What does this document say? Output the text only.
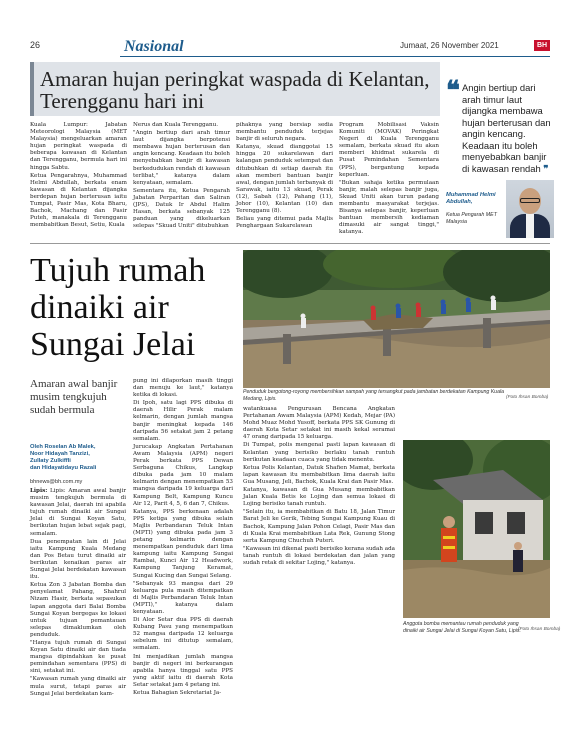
26	Nasional	Jumaat, 26 November 2021	BH
Amaran hujan peringkat waspada di Kelantan, Terengganu hari ini

Kuala Lumpur: Jabatan Meteorologi Malaysia (MET Malaysia) mengeluarkan amaran hujan peringkat waspada di beberapa kawasan di Kelantan dan Terengganu, bermula hari ini hingga Sabtu.

Ketua Pengarahnya, Muhammad Helmi Abdullah, berkata enam kawasan di Kelantan dijangka berdepan hujan berterusan iaitu Tumpat, Pasir Mas, Kota Bharu, Bachok, Machang dan Pasir Puteh, manakala di Terengganu membabitkan Besut, Setiu, Kuala

Nerus dan Kuala Terengganu.

"Angin bertiup dari arah timur laut dijangka berpotensi membawa hujan berterusan dan angin kencang. Keadaan itu boleh menyebabkan banjir di kawasan berkedudukan rendah di kawasan terlibat," katanya dalam kenyataan, semalam.

Sementara itu, Ketua Pengarah Jabatan Perparitan dan Saliran (JPS), Datuk Ir Abdul Halim Hasan, berkata sebanyak 125 panduan yang dikeluarkan selepas "Skuad Uniti" ditubuhkan

pihaknya yang bersiap sedia membantu penduduk terjejas banjir di seluruh negara.

Katanya, skuad dianggotai 15 hingga 20 sukarelawan dari kalangan penduduk setempat dan ditubuhkan di setiap daerah itu akan memberi bantuan banjir awal, dengan jumlah terbanyak di Sarawak, iaitu 13 skuad, Perak (12), Sabah (12), Pahang (11), Johor (10), Kelantan (10) dan Terengganu (8).

Beliau yang ditemui pada Majlis Penghargaan Sukarelawan

Program Mobilisasi Vaksin Komuniti (MOVAK) Peringkat Negeri di Kuala Terengganu semalam, berkata skuad itu akan memberi khidmat sukarela di Pusat Pemindahan Sementara (PPS), bergantung kepada keperluan.

"Bukan sahaja ketika permulaan banjir, malah selepas banjir juga, Skuad Uniti akan turun padang membantu masyarakat terjejas. Bisanya selepas banjir, keperluan bantuan membersih kediaman dimasuki air sangat tinggi," katanya.

❝ Angin bertiup dari arah timur laut dijangka membawa hujan berterusan dan angin kencang. Keadaan itu boleh menyebabkan banjir di kawasan rendah ❞
Muhammad Helmi Abdullah,
Ketua Pengarah MET Malaysia
Tujuh rumah dinaiki air Sungai Jelai
Amaran awal banjir musim tengkujuh sudah bermula
Oleh Roselan Ab Malek,
Noor Hidayah Tanzizi,
Zullaty Zulkiffli
dan Hidayatidayu Razali
bhnews@bh.com.my

Lipis: Lipis: Amaran awal banjir musim tengkujuh bermula di kawasan Jelai, daerah ini apabila tujuh rumah dinaiki air Sungai Jelai di Sungai Koyan Satu, berikutan hujan lebat sejak pagi, semalam.

Dua penempatan lain di Jelai iaitu Kampung Kuala Medang dan Pos Betau turut dinaiki air berikutan kenaikan paras air Sungai Jelai berdekatan kawasan itu.

Ketua Zon 3 Jabatan Bomba dan penyelamat Pahang, Shahrul Nizam Hasir, berkata sepasukan lapan anggota dari Balai Bomba Sungai Koyan bergegas ke lokasi untuk tujuan pemantauan selepas dimaklumkan oleh penduduk.

"Hanya tujuh rumah di Sungai Koyan Satu dinaiki air dan tiada mangsa dipindahkan ke pusat pemindahan sementara (PPS) di sini, setakat ini.

"Kawasan rumah yang dinaiki air mula surut, tetapi paras air Sungai Jelai berdekatan kam-

pung ini dilaporkan masih tinggi dan menuju ke laut," katanya ketika di lokasi.

Di Ipoh, satu lagi PPS dibuka di daerah Hilir Perak malam kelmarin, dengan jumlah mangsa banjir meningkat kepada 146 daripada 56 setakat jam 2 petang semalam.

Jurucakap Angkatan Pertahanan Awam Malaysia (APM) negeri Perak berkata PPS Dewan Serbaguna Chikus, Langkap dibuka pada jam 10 malam kelmarin dengan menempatkan 53 mangsa daripada 19 keluarga dari Kampung Belt, Kampung Kuncu Air 12, Parit 4, 5, 6 dan 7, Chikus.

Katanya, PPS berkenaan adalah PPS ketiga yang dibuka selain Majlis Perbandaran Teluk Intan (MPTI) yang dibuka pada jam 3 petang kelmarin dengan menempatkan penduduk dari lima kampung iaitu Kampung Sungai Rambai, Kunci Air 12 Headwork, Kampung Tanjung Keramat, Sungai Kucing dan Sungai Selang.

"Sebanyak 93 mangsa dari 29 keluarga pula masih ditempatkan di Majlis Perbandaran Teluk Intan (MPTI)," katanya dalam kenyataan.

Di Alor Setar dua PPS di daerah Kubang Pasu yang menempatkan 52 mangsa daripada 12 keluarga sebelum ini ditutup semalam, semalam.

Ini menjadikan jumlah mangsa banjir di negeri ini berkurangan apabila hanya tinggal satu PPS yang aktif iaitu di daerah Kota Setar setakat jam 4 petang ini.

Ketua Bahagian Sekretariat Ja-

watankuasa Pengurusan Bencana Angkatan Pertahanan Awam Malaysia (APM) Kedah, Mejar (PA) Mohd Muaz Mohd Yusoff, berkata PPS SK Gunung di daerah Kota Setar setakat ini masih kekal seramai 47 orang daripada 15 keluarga.

Di Tumpat, polis mengenal pasti lapan kawasan di Kelantan yang berisiko berlaku tanah runtuh berikutan keadaan cuaca yang tidak menentu.

Ketua Polis Kelantan, Datuk Shafien Mamat, berkata lapan kawasan itu membabitkan lima daerah iaitu Gua Musang, Jeli, Bachok, Kuala Krai dan Pasir Mas.

Katanya, kawasan di Gua Musang membabitkan Jalan Kuala Betis ke Lojing dan semua lokasi di Lojing berisiko tanah runtuh.

"Selain itu, ia membabitkan di Batu 18, Jalan Timur Barat Jeli ke Gerik, Tebing Sungai Kampung Kuau di Bachok, Kampung Jalan Pohon Celagi, Pasir Mas dan di Kuala Krai membabitkan Lata Rek, Gunung Stong serta Kampung Chuchuh Puteri.

"Kawasan ini dikenal pasti berisiko kerana sudah ada tanah runtuh di lokasi berdekatan dan jalan yang sudah retak di sekitar Lojing," katanya.

Penduduk bergotong-royong membersihkan sampah yang tersangkut pada jambatan berdekatan Kampung Kuala Medang, Lipis.	(Foto Ihsan Bomba)
Anggota bomba memantau rumah penduduk yang dinaiki air Sungai Jelai di Sungai Koyan Satu, Lipis.
(Foto Ihsan Bomba)
